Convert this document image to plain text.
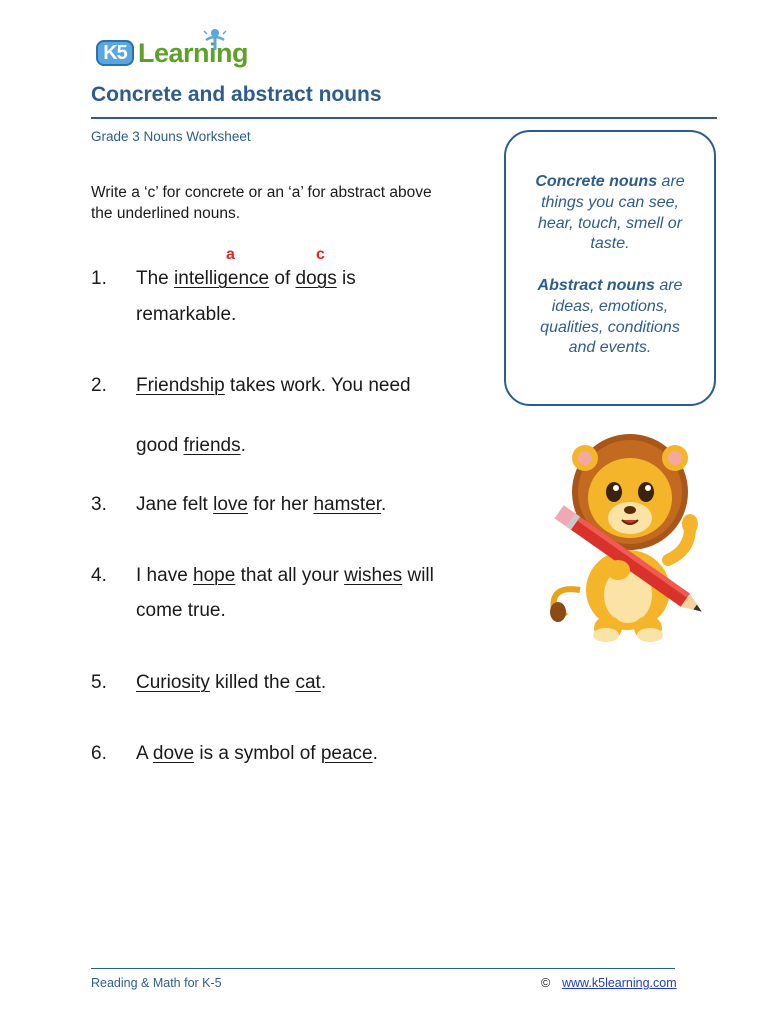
K5 Learning
Concrete and abstract nouns
Grade 3 Nouns Worksheet
Write a ‘c’ for concrete or an ‘a’ for abstract above the underlined nouns.
a	c
1.	The intelligence of dogs is
remarkable.
2.	Friendship takes work. You need
good friends.
3.	Jane felt love for her hamster.
4.	I have hope that all your wishes will
come true.
5.	Curiosity killed the cat.
6.	A dove is a symbol of peace.

Concrete nouns are
things you can see,
hear, touch, smell or
taste.

Abstract nouns are
ideas, emotions,
qualities, conditions
and events.

Reading & Math for K-5	© www.k5learning.com
